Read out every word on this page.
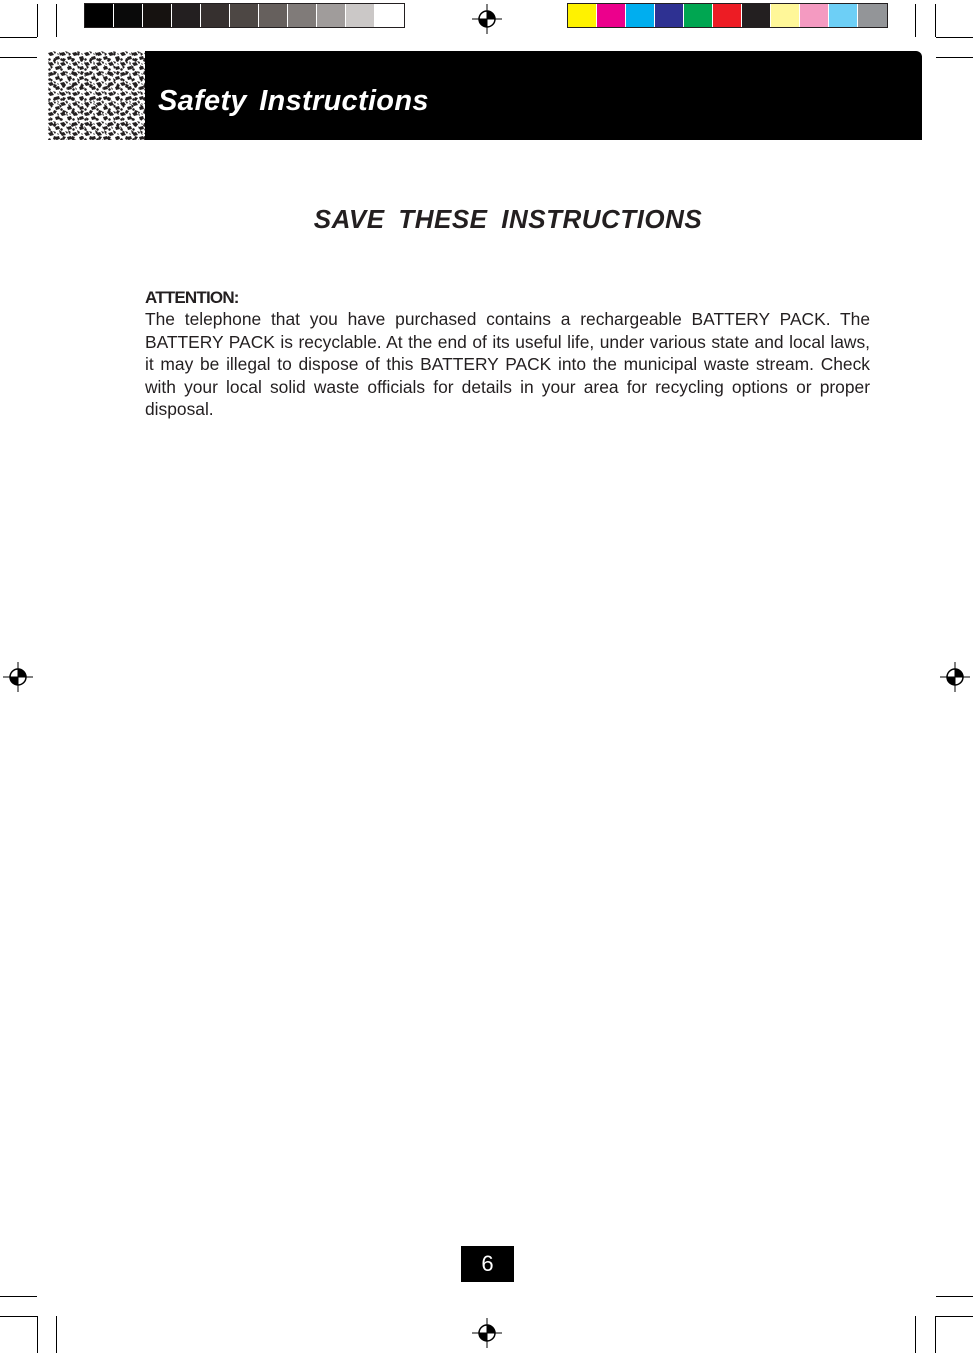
Safety Instructions
SAVE THESE INSTRUCTIONS
ATTENTION:
The telephone that you have purchased contains a rechargeable BATTERY PACK. The BATTERY PACK is recyclable. At the end of its useful life, under various state and local laws, it may be illegal to dispose of this BATTERY PACK into the municipal waste stream. Check with your local solid waste officials for details in your area for recycling options or proper disposal.
6
